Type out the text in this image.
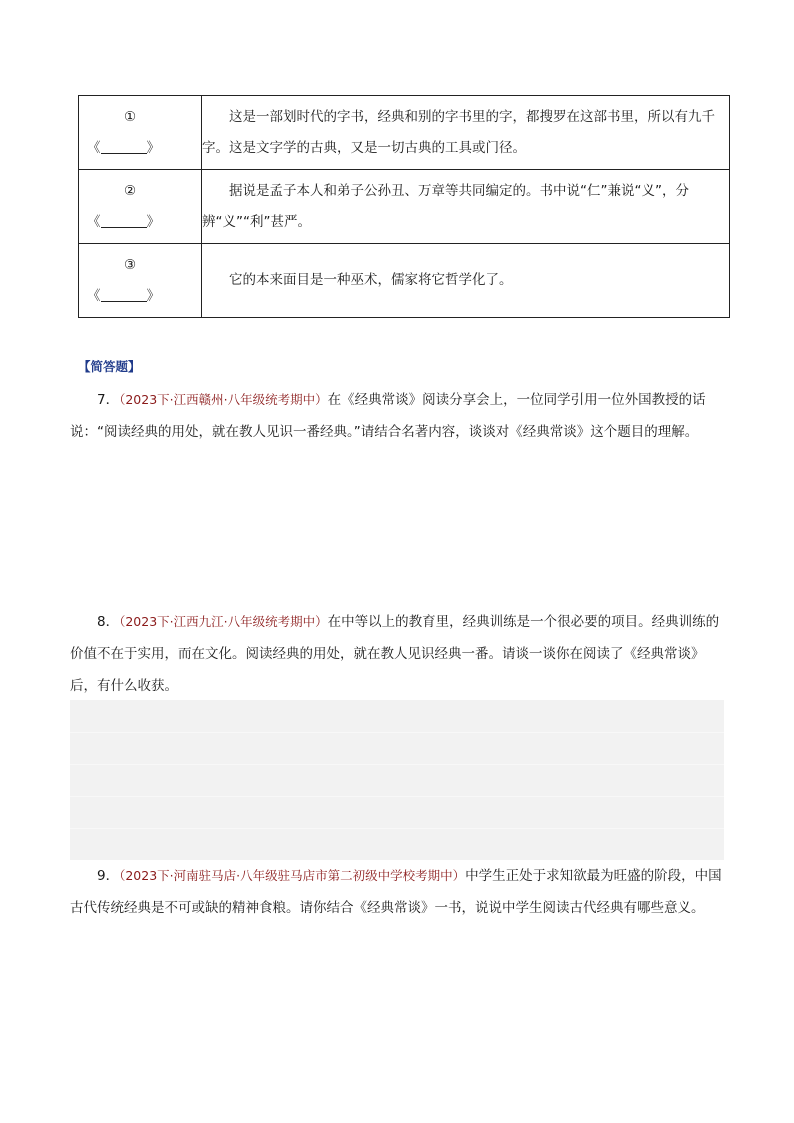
①
《 》	这是一部划时代的字书，经典和别的字书里的字，都搜罗在这部书里，所以有九千字。这是文字学的古典，又是一切古典的工具或门径。

②
《 》	据说是孟子本人和弟子公孙丑、万章等共同编定的。书中说“仁”兼说“义”，分辨“义”“利”甚严。

③
《 》	它的本来面目是一种巫术，儒家将它哲学化了。
【简答题】
7．（2023下·江西赣州·八年级统考期中）在《经典常谈》阅读分享会上，一位同学引用一位外国教授的话说：“阅读经典的用处，就在教人见识一番经典。”请结合名著内容，谈谈对《经典常谈》这个题目的理解。
8．（2023下·江西九江·八年级统考期中）在中等以上的教育里，经典训练是一个很必要的项目。经典训练的价值不在于实用，而在文化。阅读经典的用处，就在教人见识经典一番。请谈一谈你在阅读了《经典常谈》后，有什么收获。
9．（2023下·河南驻马店·八年级驻马店市第二初级中学校考期中）中学生正处于求知欲最为旺盛的阶段，中国古代传统经典是不可或缺的精神食粮。请你结合《经典常谈》一书，说说中学生阅读古代经典有哪些意义。
